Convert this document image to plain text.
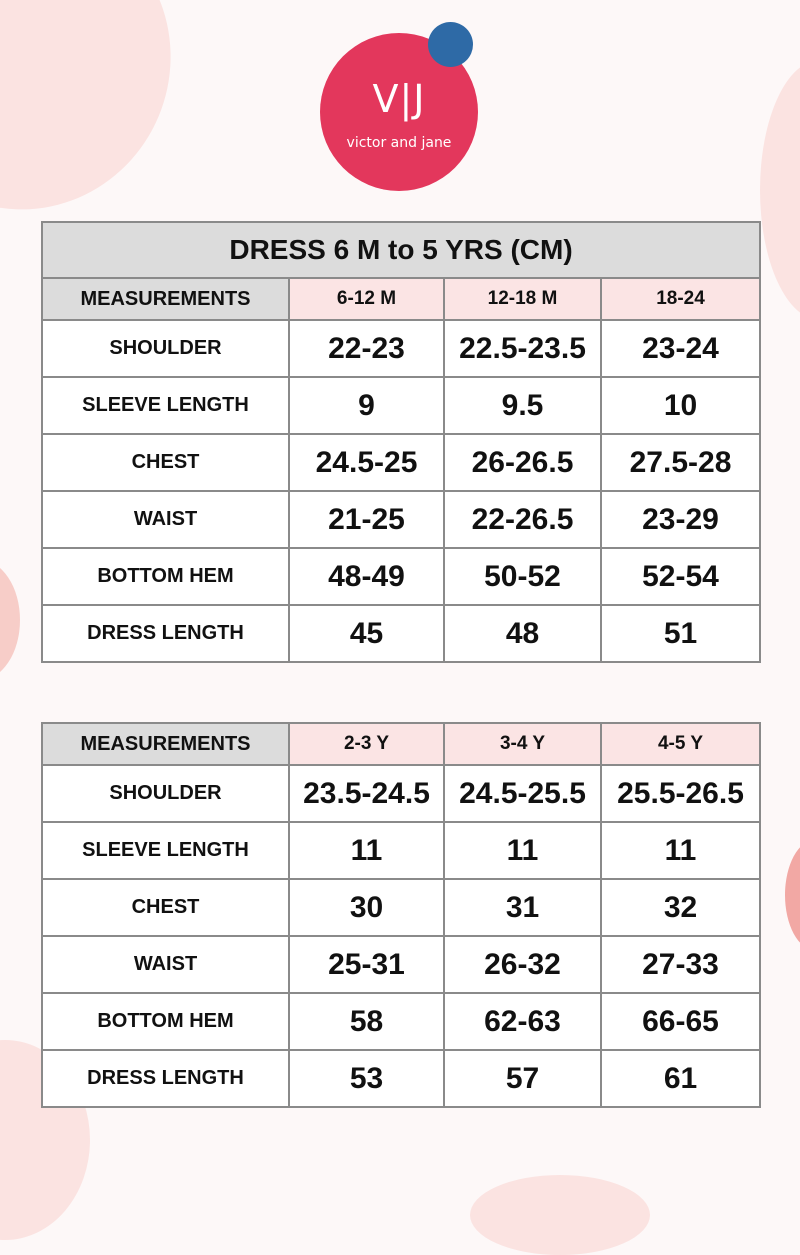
V|J
victor and jane
DRESS 6 M to 5 YRS (CM)			
MEASUREMENTS	6-12 M	12-18 M	18-24
SHOULDER	22-23	22.5-23.5	23-24
SLEEVE LENGTH	9	9.5	10
CHEST	24.5-25	26-26.5	27.5-28
WAIST	21-25	22-26.5	23-29
BOTTOM HEM	48-49	50-52	52-54
DRESS LENGTH	45	48	51
MEASUREMENTS	2-3 Y	3-4 Y	4-5 Y
SHOULDER	23.5-24.5	24.5-25.5	25.5-26.5
SLEEVE LENGTH	11	11	11
CHEST	30	31	32
WAIST	25-31	26-32	27-33
BOTTOM HEM	58	62-63	66-65
DRESS LENGTH	53	57	61
